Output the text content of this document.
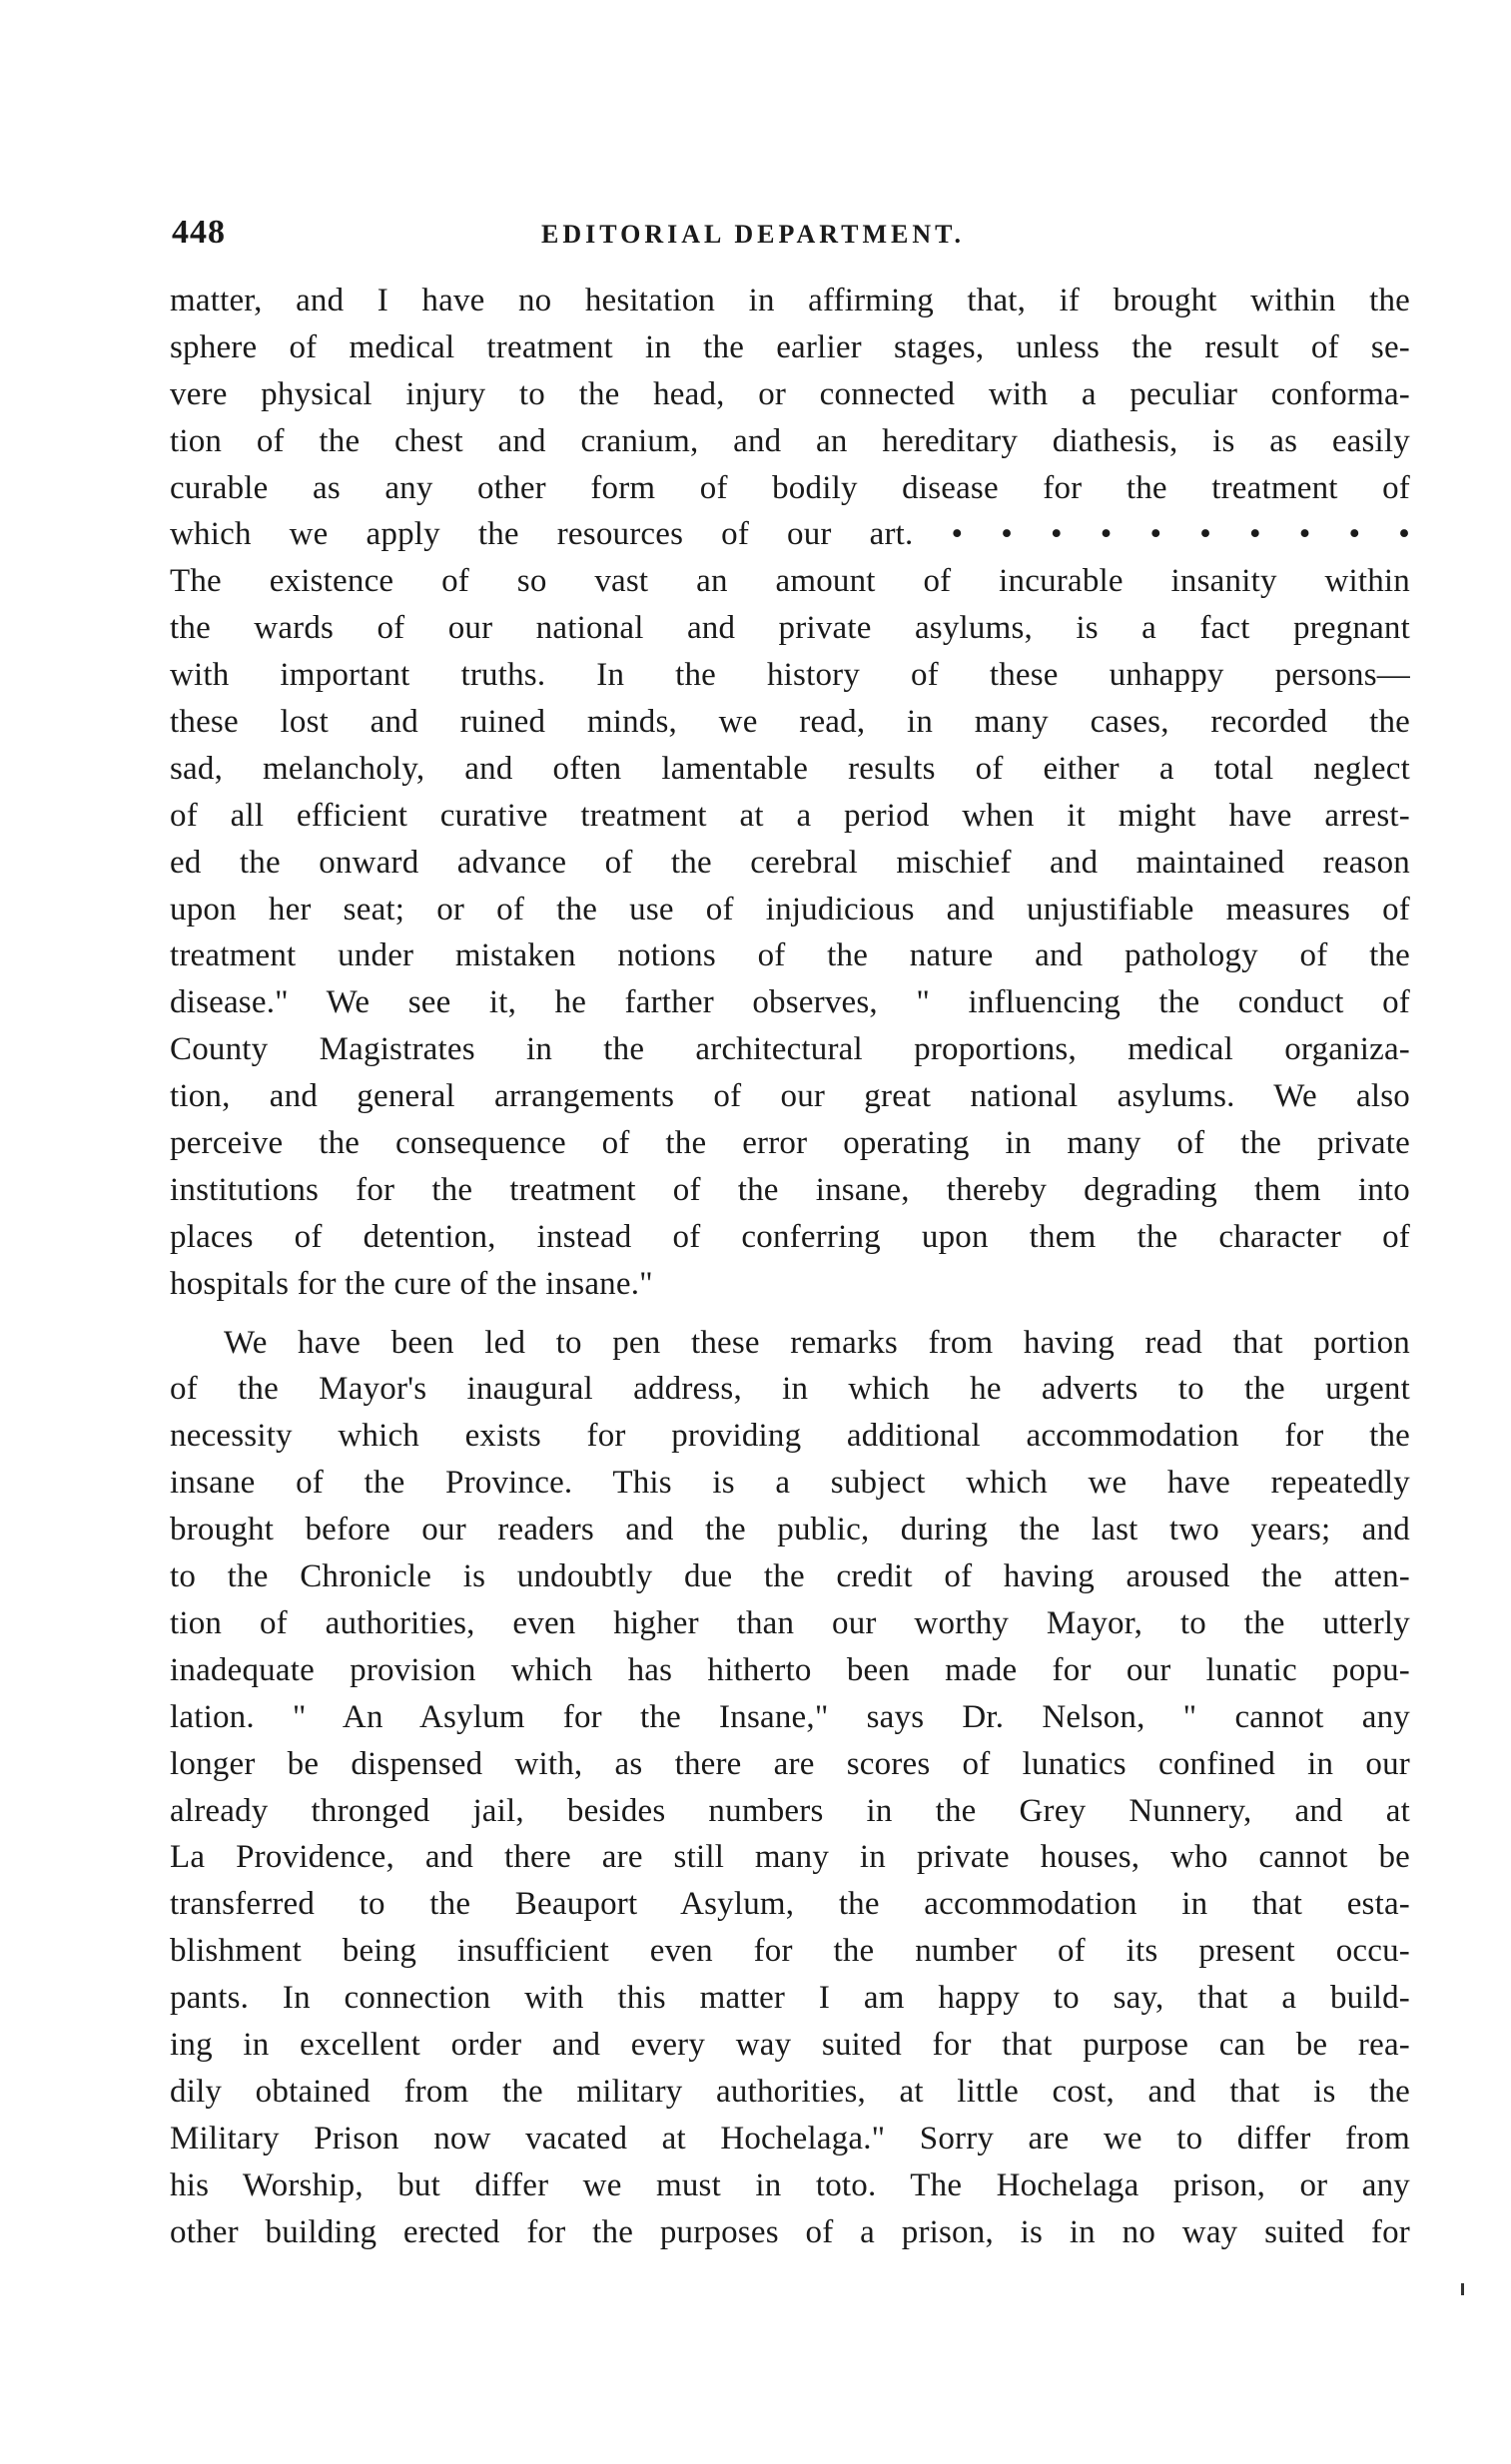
448	EDITORIAL DEPARTMENT.
matter, and I have no hesitation in affirming that, if brought within the
sphere of medical treatment in the earlier stages, unless the result of se-
vere physical injury to the head, or connected with a peculiar conforma-
tion of the chest and cranium, and an hereditary diathesis, is as easily
curable as any other form of bodily disease for the treatment of
which we apply the resources of our art. • • • • • • • • • •
The existence of so vast an amount of incurable insanity within
the wards of our national and private asylums, is a fact pregnant
with important truths. In the history of these unhappy persons—
these lost and ruined minds, we read, in many cases, recorded the
sad, melancholy, and often lamentable results of either a total neglect
of all efficient curative treatment at a period when it might have arrest-
ed the onward advance of the cerebral mischief and maintained reason
upon her seat; or of the use of injudicious and unjustifiable measures of
treatment under mistaken notions of the nature and pathology of the
disease." We see it, he farther observes, " influencing the conduct of
County Magistrates in the architectural proportions, medical organiza-
tion, and general arrangements of our great national asylums. We also
perceive the consequence of the error operating in many of the private
institutions for the treatment of the insane, thereby degrading them into
places of detention, instead of conferring upon them the character of
hospitals for the cure of the insane."
We have been led to pen these remarks from having read that portion
of the Mayor's inaugural address, in which he adverts to the urgent
necessity which exists for providing additional accommodation for the
insane of the Province. This is a subject which we have repeatedly
brought before our readers and the public, during the last two years; and
to the Chronicle is undoubtly due the credit of having aroused the atten-
tion of authorities, even higher than our worthy Mayor, to the utterly
inadequate provision which has hitherto been made for our lunatic popu-
lation. " An Asylum for the Insane," says Dr. Nelson, " cannot any
longer be dispensed with, as there are scores of lunatics confined in our
already thronged jail, besides numbers in the Grey Nunnery, and at
La Providence, and there are still many in private houses, who cannot be
transferred to the Beauport Asylum, the accommodation in that esta-
blishment being insufficient even for the number of its present occu-
pants. In connection with this matter I am happy to say, that a build-
ing in excellent order and every way suited for that purpose can be rea-
dily obtained from the military authorities, at little cost, and that is the
Military Prison now vacated at Hochelaga." Sorry are we to differ from
his Worship, but differ we must in toto. The Hochelaga prison, or any
other building erected for the purposes of a prison, is in no way suited for
